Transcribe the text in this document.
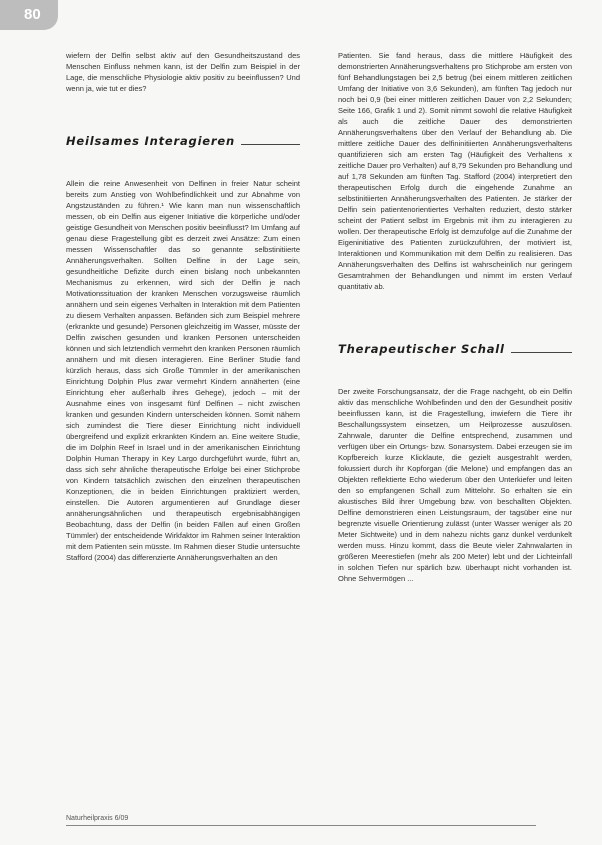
80

wiefern der Delfin selbst aktiv auf den Gesundheitszustand des Menschen Einfluss nehmen kann, ist der Delfin zum Beispiel in der Lage, die menschliche Physiologie aktiv positiv zu beeinflussen? Und wenn ja, wie tut er dies?

Heilsames Interagieren

Allein die reine Anwesenheit von Delfinen in freier Natur scheint bereits zum Anstieg von Wohlbefindlichkeit und zur Abnahme von Angstzuständen zu führen.¹ Wie kann man nun wissenschaftlich messen, ob ein Delfin aus eigener Initiative die körperliche und/oder geistige Gesundheit von Menschen positiv beeinflusst? Im Umfang auf genau diese Fragestellung gibt es derzeit zwei Ansätze: Zum einen messen Wissenschaftler das so genannte selbstinitiierte Annäherungsverhalten. Sollten Delfine in der Lage sein, gesundheitliche Defizite durch einen bislang noch unbekannten Mechanismus zu erkennen, wird sich der Delfin je nach Motivationssituation der kranken Menschen vorzugsweise räumlich annähern und sein eigenes Verhalten in Interaktion mit dem Patienten zu diesem Verhalten anpassen. Befänden sich zum Beispiel mehrere (erkrankte und gesunde) Personen gleichzeitig im Wasser, müsste der Delfin zwischen gesunden und kranken Personen unterscheiden können und sich letztendlich vermehrt den kranken Personen räumlich annähern und mit diesen interagieren. Eine Berliner Studie fand kürzlich heraus, dass sich Große Tümmler in der amerikanischen Einrichtung Dolphin Plus zwar vermehrt Kindern annäherten (eine Einrichtung eher außerhalb ihres Gehege), jedoch – mit der Ausnahme eines von insgesamt fünf Delfinen – nicht zwischen kranken und gesunden Kindern unterscheiden können. Somit nähern sich zumindest die Tiere dieser Einrichtung nicht individuell übergreifend und explizit erkrankten Kindern an. Eine weitere Studie, die im Dolphin Reef in Israel und in der amerikanischen Einrichtung Dolphin Human Therapy in Key Largo durchgeführt wurde, führt an, dass sich sehr ähnliche therapeutische Erfolge bei einer Stichprobe von Kindern tatsächlich zwischen den einzelnen therapeutischen Konzeptionen, die in beiden Einrichtungen praktiziert werden, einstellen. Die Autoren argumentieren auf Grundlage dieser annäherungsähnlichen und therapeutisch ergebnisabhängigen Beobachtung, dass der Delfin (in beiden Fällen auf einen Großen Tümmler) der entscheidende Wirkfaktor im Rahmen seiner Interaktion mit dem Patienten sein müsste. Im Rahmen dieser Studie untersuchte Stafford (2004) das differenzierte Annäherungsverhalten an den

Patienten. Sie fand heraus, dass die mittlere Häufigkeit des demonstrierten Annäherungsverhaltens pro Stichprobe am ersten von fünf Behandlungstagen bei 2,5 betrug (bei einem mittleren zeitlichen Umfang der Initiative von 3,6 Sekunden), am fünften Tag jedoch nur noch bei 0,9 (bei einer mittleren zeitlichen Dauer von 2,2 Sekunden; Seite 166, Grafik 1 und 2). Somit nimmt sowohl die relative Häufigkeit als auch die zeitliche Dauer des demonstrierten Annäherungsverhaltens über den Verlauf der Behandlung ab. Die mittlere zeitliche Dauer des delfininitiierten Annäherungsverhaltens quantifizieren sich am ersten Tag (Häufigkeit des Verhaltens x zeitliche Dauer pro Verhalten) auf 8,79 Sekunden pro Behandlung und auf 1,78 Sekunden am fünften Tag. Stafford (2004) interpretiert den therapeutischen Erfolg durch die eingehende Zunahme an selbstinitiierten Annäherungsverhalten des Patienten. Je stärker der Delfin sein patientenorientiertes Verhalten reduziert, desto stärker scheint der Patient selbst im Ergebnis mit ihm zu interagieren zu wollen. Der therapeutische Erfolg ist demzufolge auf die Zunahme der Eigeninitiative des Patienten zurückzuführen, der motiviert ist, Interaktionen und Kommunikation mit dem Delfin zu realisieren. Das Annäherungsverhalten des Delfins ist wahrscheinlich nur geringem Gesamtrahmen der Behandlungen und nimmt im ersten Verlauf quantitativ ab.

Therapeutischer Schall

Der zweite Forschungsansatz, der die Frage nachgeht, ob ein Delfin aktiv das menschliche Wohlbefinden und den der Gesundheit positiv beeinflussen kann, ist die Fragestellung, inwiefern die Tiere ihr Beschallungssystem einsetzen, um Heilprozesse auszulösen. Zahnwale, darunter die Delfine entsprechend, zusammen und verfügen über ein Ortungs- bzw. Sonarsystem. Dabei erzeugen sie im Kopfbereich kurze Klicklaute, die gezielt ausgestrahlt werden, fokussiert durch ihr Kopforgan (die Melone) und empfangen das an Objekten reflektierte Echo wiederum über den Unterkiefer und leiten den so empfangenen Schall zum Mittelohr. So erhalten sie ein akustisches Bild ihrer Umgebung bzw. von beschallten Objekten. Delfine demonstrieren einen Leistungsraum, der tagsüber eine nur begrenzte visuelle Orientierung zulässt (unter Wasser weniger als 20 Meter Sichtweite) und in dem nahezu nichts ganz dunkel verdunkelt werden muss. Hinzu kommt, dass die Beute vieler Zahnwalarten in größeren Meerestiefen (mehr als 200 Meter) lebt und der Lichteinfall in solchen Tiefen nur spärlich bzw. überhaupt nicht vorhanden ist. Ohne Sehvermögen ...

Naturheilpraxis 6/09
